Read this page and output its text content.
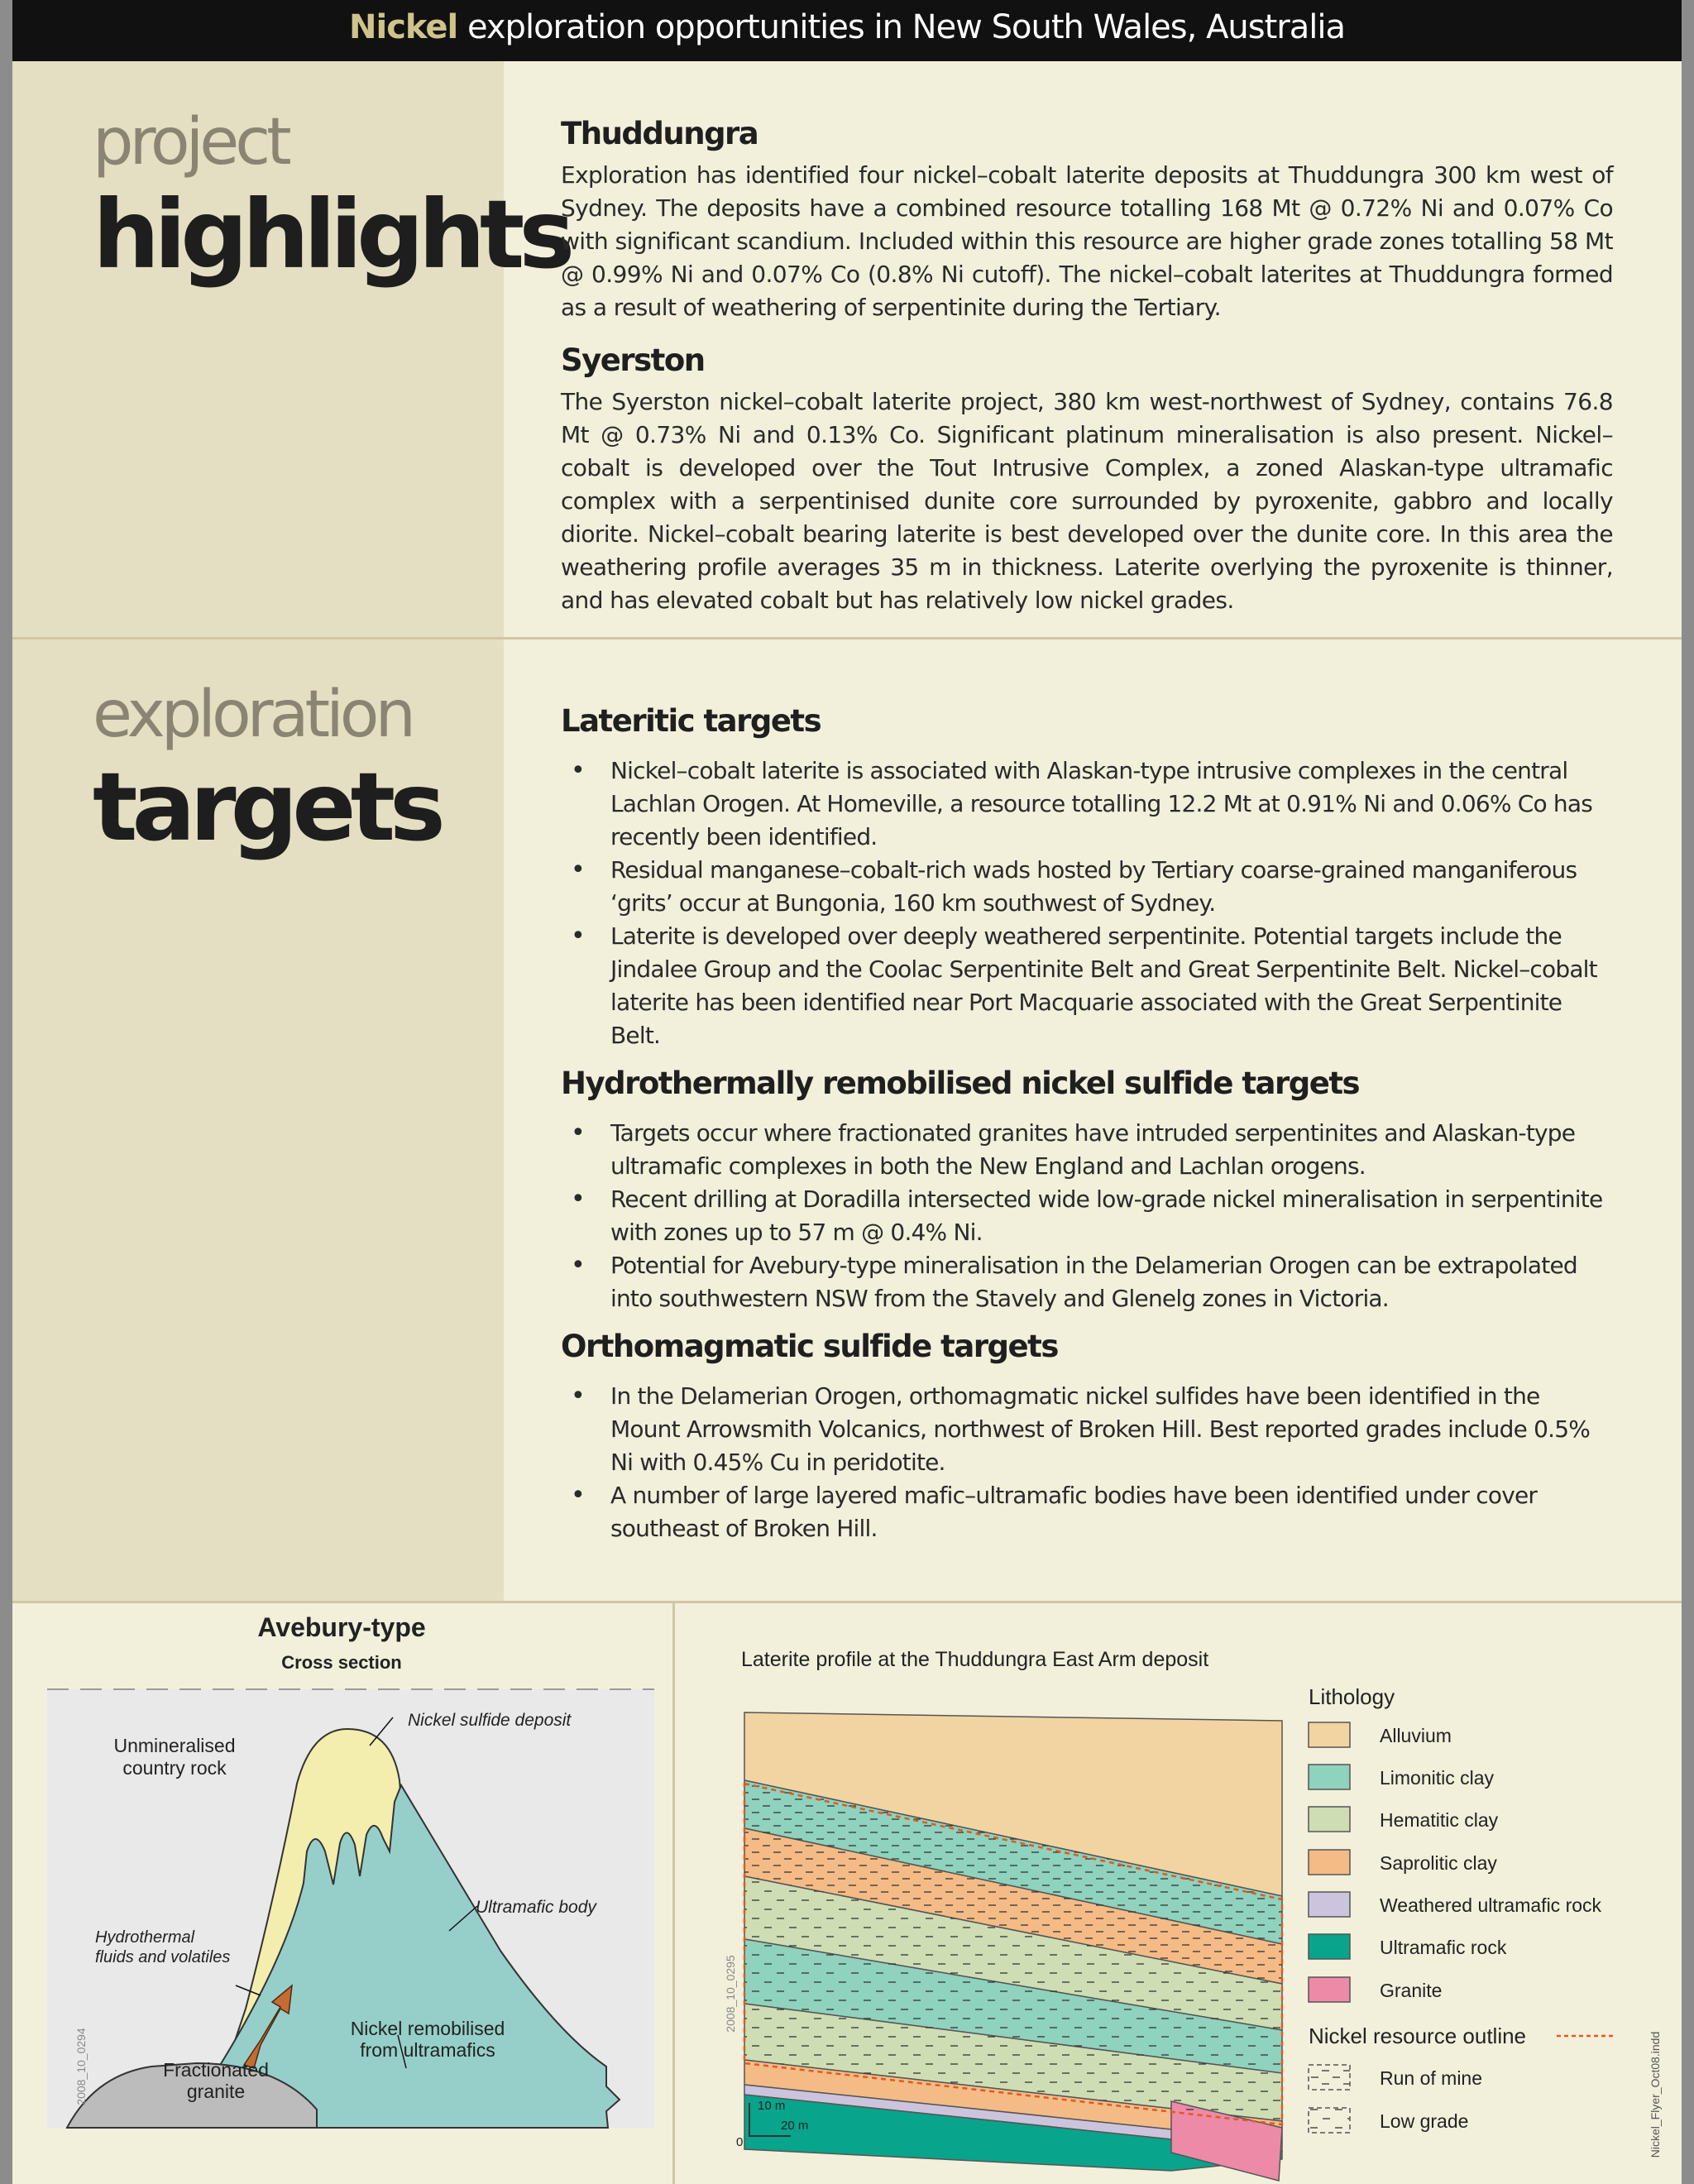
Nickel exploration opportunities in New South Wales, Australia
project
highlights
Thuddungra

Exploration has identified four nickel–cobalt laterite deposits at Thuddungra 300 km west of Sydney. The deposits have a combined resource totalling 168 Mt @ 0.72% Ni and 0.07% Co with significant scandium. Included within this resource are higher grade zones totalling 58 Mt @ 0.99% Ni and 0.07% Co (0.8% Ni cutoff). The nickel–cobalt laterites at Thuddungra formed as a result of weathering of serpentinite during the Tertiary.

Syerston

The Syerston nickel–cobalt laterite project, 380 km west-northwest of Sydney, contains 76.8 Mt @ 0.73% Ni and 0.13% Co. Significant platinum mineralisation is also present. Nickel–cobalt is developed over the Tout Intrusive Complex, a zoned Alaskan-type ultramafic complex with a serpentinised dunite core surrounded by pyroxenite, gabbro and locally diorite. Nickel–cobalt bearing laterite is best developed over the dunite core. In this area the weathering profile averages 35 m in thickness. Laterite overlying the pyroxenite is thinner, and has elevated cobalt but has relatively low nickel grades.

exploration
targets
Lateritic targets
• Nickel–cobalt laterite is associated with Alaskan-type intrusive complexes in the central Lachlan Orogen. At Homeville, a resource totalling 12.2 Mt at 0.91% Ni and 0.06% Co has recently been identified.
• Residual manganese–cobalt-rich wads hosted by Tertiary coarse-grained manganiferous ‘grits’ occur at Bungonia, 160 km southwest of Sydney.
• Laterite is developed over deeply weathered serpentinite. Potential targets include the Jindalee Group and the Coolac Serpentinite Belt and Great Serpentinite Belt. Nickel–cobalt laterite has been identified near Port Macquarie associated with the Great Serpentinite Belt.
Hydrothermally remobilised nickel sulfide targets
• Targets occur where fractionated granites have intruded serpentinites and Alaskan-type ultramafic complexes in both the New England and Lachlan orogens.
• Recent drilling at Doradilla intersected wide low-grade nickel mineralisation in serpentinite with zones up to 57 m @ 0.4% Ni.
• Potential for Avebury-type mineralisation in the Delamerian Orogen can be extrapolated into southwestern NSW from the Stavely and Glenelg zones in Victoria.
Orthomagmatic sulfide targets
• In the Delamerian Orogen, orthomagmatic nickel sulfides have been identified in the Mount Arrowsmith Volcanics, northwest of Broken Hill. Best reported grades include 0.5% Ni with 0.45% Cu in peridotite.
• A number of large layered mafic–ultramafic bodies have been identified under cover southeast of Broken Hill.
Avebury-type
Cross section
Unmineralised
country rock
Nickel sulfide deposit
Ultramafic body
Hydrothermal
fluids and volatiles
Nickel remobilised
from ultramafics
Fractionated
granite
2008_10_0294
Laterite profile at the Thuddungra East Arm deposit
10 m
20 m
0
2008_10_0295
Lithology
Alluvium
Limonitic clay
Hematitic clay
Saprolitic clay
Weathered ultramafic rock
Ultramafic rock
Granite
Nickel resource outline
Run of mine
Low grade	Nickel_Flyer_Oct08.indd
